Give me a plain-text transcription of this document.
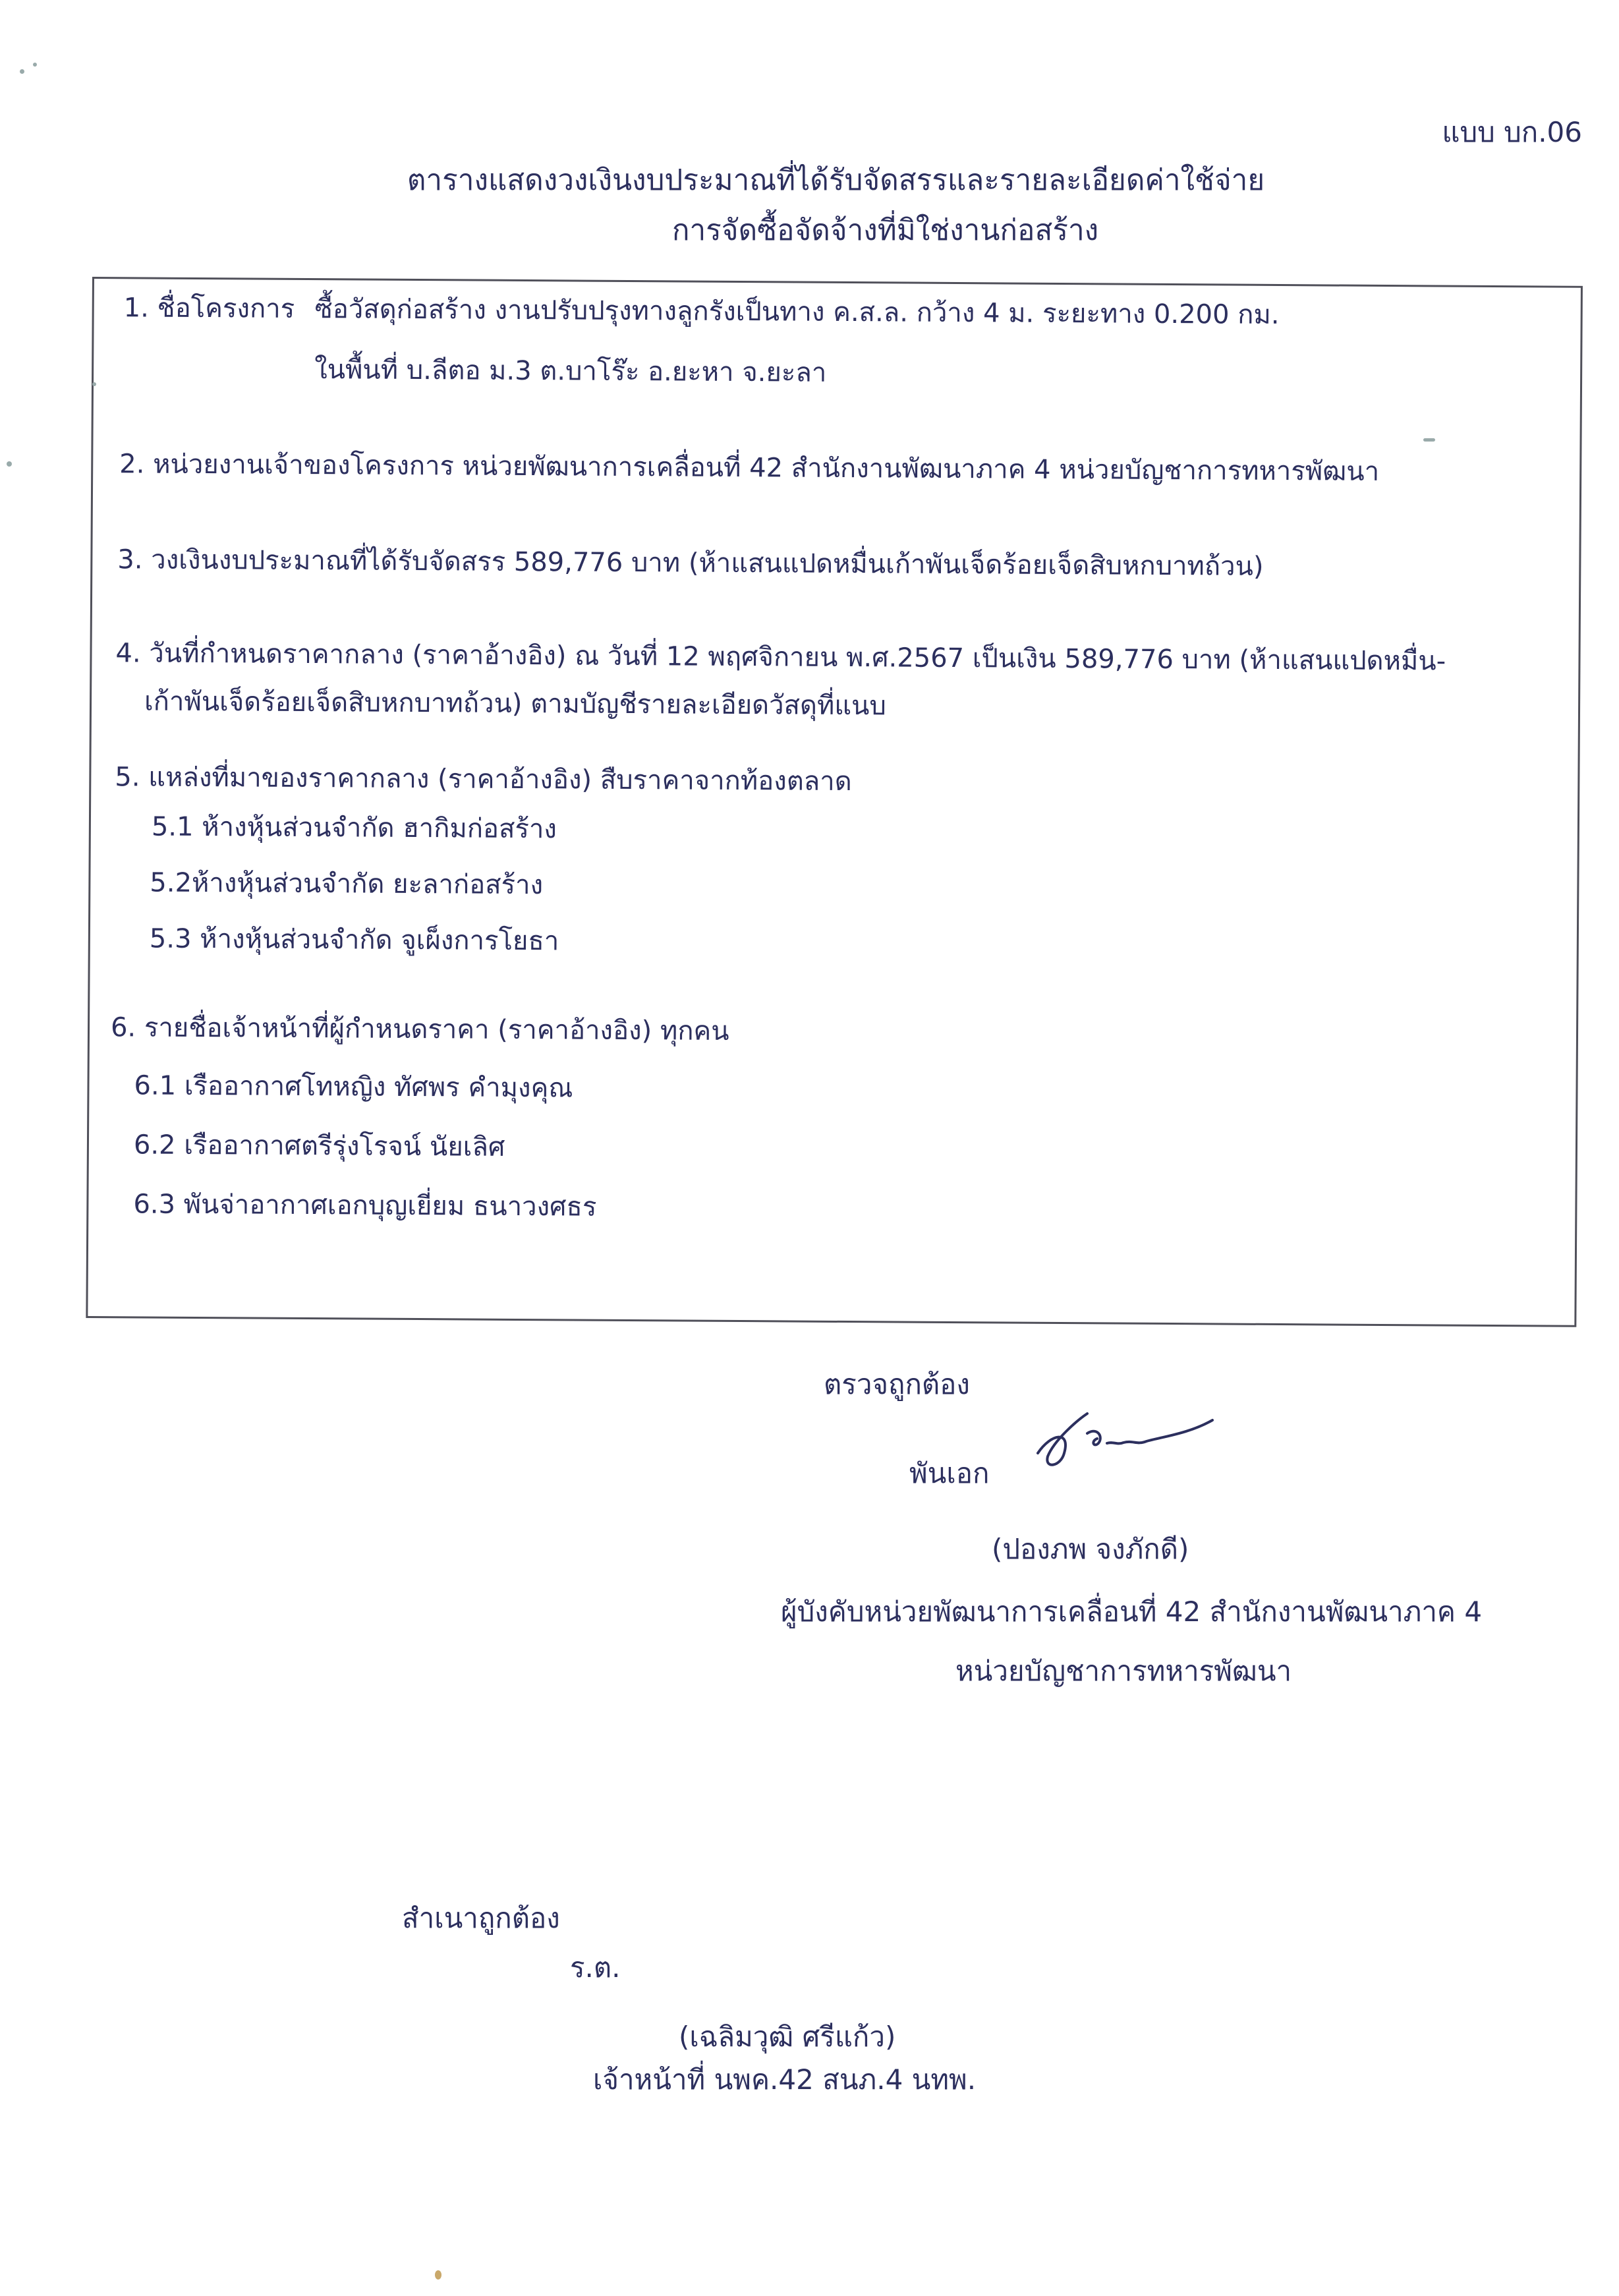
แบบ บก.06
ตารางแสดงวงเงินงบประมาณที่ได้รับจัดสรรและรายละเอียดค่าใช้จ่าย
การจัดซื้อจัดจ้างที่มิใช่งานก่อสร้าง
1. ชื่อโครงการ ซื้อวัสดุก่อสร้าง งานปรับปรุงทางลูกรังเป็นทาง ค.ส.ล. กว้าง 4 ม. ระยะทาง 0.200 กม.
ในพื้นที่ บ.ลีตอ ม.3 ต.บาโร๊ะ อ.ยะหา จ.ยะลา
2. หน่วยงานเจ้าของโครงการ หน่วยพัฒนาการเคลื่อนที่ 42 สำนักงานพัฒนาภาค 4 หน่วยบัญชาการทหารพัฒนา
3. วงเงินงบประมาณที่ได้รับจัดสรร 589,776 บาท (ห้าแสนแปดหมื่นเก้าพันเจ็ดร้อยเจ็ดสิบหกบาทถ้วน)
4. วันที่กำหนดราคากลาง (ราคาอ้างอิง) ณ วันที่ 12 พฤศจิกายน พ.ศ.2567 เป็นเงิน 589,776 บาท (ห้าแสนแปดหมื่น-
เก้าพันเจ็ดร้อยเจ็ดสิบหกบาทถ้วน) ตามบัญชีรายละเอียดวัสดุที่แนบ
5. แหล่งที่มาของราคากลาง (ราคาอ้างอิง) สืบราคาจากท้องตลาด
5.1 ห้างหุ้นส่วนจำกัด ฮากิมก่อสร้าง
5.2ห้างหุ้นส่วนจำกัด ยะลาก่อสร้าง
5.3 ห้างหุ้นส่วนจำกัด จูเผ็งการโยธา
6. รายชื่อเจ้าหน้าที่ผู้กำหนดราคา (ราคาอ้างอิง) ทุกคน
6.1 เรืออากาศโทหญิง ทัศพร คำมุงคุณ
6.2 เรืออากาศตรีรุ่งโรจน์ นัยเลิศ
6.3 พันจ่าอากาศเอกบุญเยี่ยม ธนาวงศธร
ตรวจถูกต้อง
พันเอก
(ปองภพ จงภักดี)
ผู้บังคับหน่วยพัฒนาการเคลื่อนที่ 42 สำนักงานพัฒนาภาค 4
หน่วยบัญชาการทหารพัฒนา
สำเนาถูกต้อง
ร.ต.
(เฉลิมวุฒิ ศรีแก้ว)
เจ้าหน้าที่ นพค.42 สนภ.4 นทพ.
